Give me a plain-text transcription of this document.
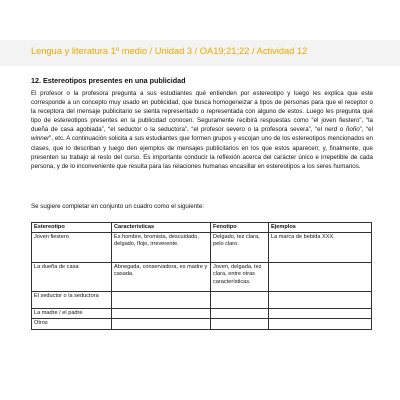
Lengua y literatura 1º medio / Unidad 3 / OA19;21;22 / Actividad 12
12. Estereotipos presentes en una publicidad
El profesor o la profesora pregunta a sus estudiantes qué entienden por estereotipo y luego les explica que este corresponde a un concepto muy usado en publicidad, que busca homogeneizar a tipos de personas para que el receptor o la receptora del mensaje publicitario se sienta representado o representada con alguno de estos. Luego les pregunta qué tipo de estereotipos presentes en la publicidad conocen. Seguramente recibirá respuestas como “el joven fiestero”, “la dueña de casa agobiada”, “el seductor o la seductora”, “el profesor severo o la profesora severa”, “el nerd o ñoño”, “el winner”, etc. A continuación solicita a sus estudiantes que formen grupos y escojan uno de los estereotipos mencionados en clases, que lo describan y luego den ejemplos de mensajes publicitarios en los que estos aparecen; y, finalmente, que presenten su trabajo al resto del curso. Es importante conducir la reflexión acerca del carácter único e irrepetible de cada persona, y de lo inconveniente que resulta para las relaciones humanas encasillar en estereotipos a los seres humanos.
Se sugiere completar en conjunto un cuadro como el siguiente:
Estereotipo	Características	Fenotipo	Ejemplos
Joven fiestero	Es hombre, bromista, descuidado, delgado, flojo, irreverente.	Delgado, tez clara, pelo claro.	La marca de bebida XXX.
La dueña de casa	Abnegada, conservadora, es madre y casada.	Joven, delgada, tez clara, entre otras características.	
El seductor o la seductora			
La madre / el padre			
Otros			
